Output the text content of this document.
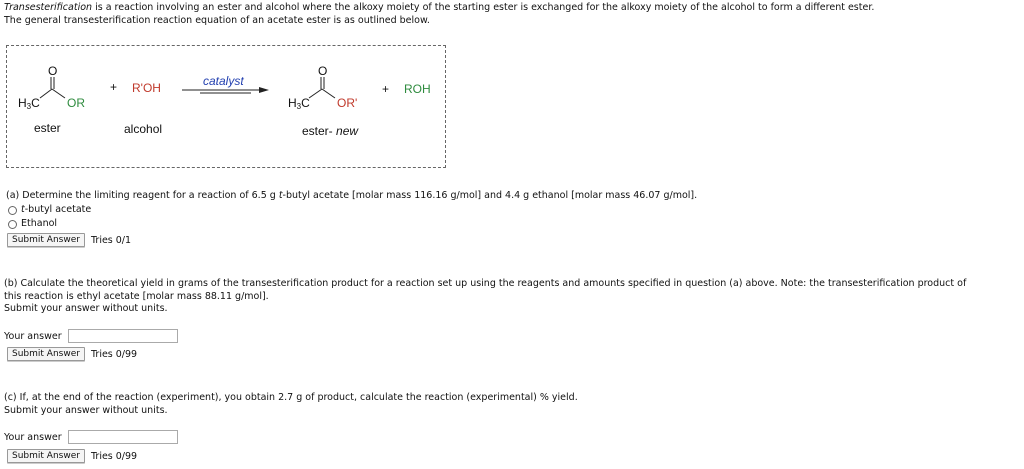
Transesterification is a reaction involving an ester and alcohol where the alkoxy moiety of the starting ester is exchanged for the alkoxy moiety of the alcohol to form a different ester.
The general transesterification reaction equation of an acetate ester is as outlined below.
O
$H_3C$ OR
+ R'OH	catalyst
O
$H_3C$ OR'
+ ROH
ester	alcohol	ester- new
(a) Determine the limiting reagent for a reaction of 6.5 g t-butyl acetate [molar mass 116.16 g/mol] and 4.4 g ethanol [molar mass 46.07 g/mol].
t-butyl acetate
Ethanol
Submit Answer	Tries 0/1
(b) Calculate the theoretical yield in grams of the transesterification product for a reaction set up using the reagents and amounts specified in question (a) above. Note: the transesterification product of
this reaction is ethyl acetate [molar mass 88.11 g/mol].
Submit your answer without units.
Your answer
Submit Answer	Tries 0/99
(c) If, at the end of the reaction (experiment), you obtain 2.7 g of product, calculate the reaction (experimental) % yield.
Submit your answer without units.
Your answer
Submit Answer	Tries 0/99
